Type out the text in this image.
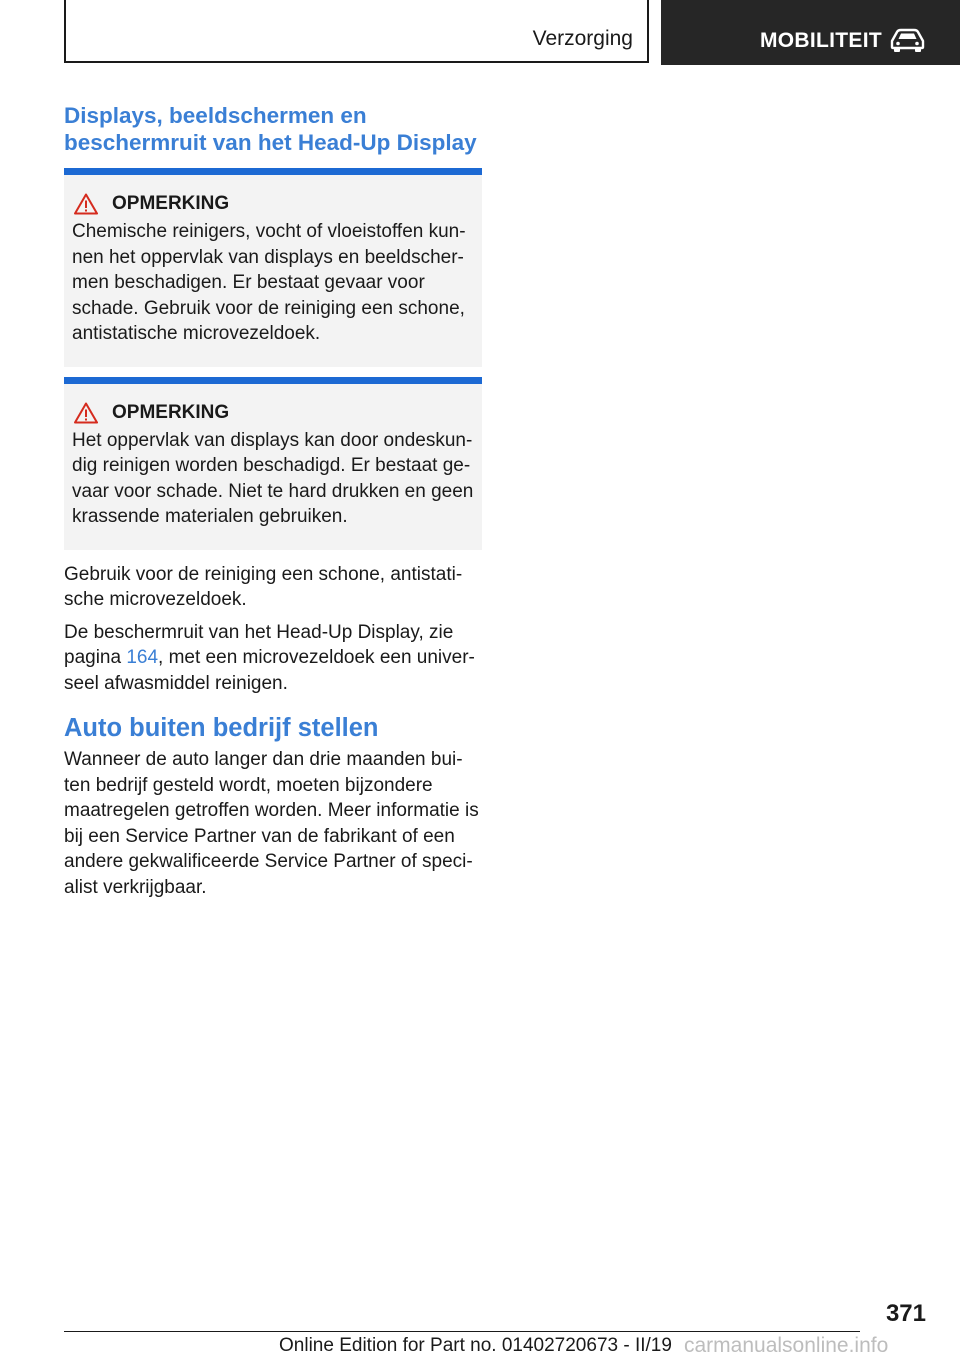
Verzorging	MOBILITEIT
Displays, beeldschermen en beschermruit van het Head-Up Display
OPMERKING

Chemische reinigers, vocht of vloeistoffen kunnen het oppervlak van displays en beeldschermen beschadigen. Er bestaat gevaar voor schade. Gebruik voor de reiniging een schone, antistatische microvezeldoek.

OPMERKING

Het oppervlak van displays kan door ondeskundig reinigen worden beschadigd. Er bestaat gevaar voor schade. Niet te hard drukken en geen krassende materialen gebruiken.

Gebruik voor de reiniging een schone, antistatische microvezeldoek.

De beschermruit van het Head-Up Display, zie pagina 164, met een microvezeldoek een universeel afwasmiddel reinigen.

Auto buiten bedrijf stellen

Wanneer de auto langer dan drie maanden buiten bedrijf gesteld wordt, moeten bijzondere maatregelen getroffen worden. Meer informatie is bij een Service Partner van de fabrikant of een andere gekwalificeerde Service Partner of specialist verkrijgbaar.

371
Online Edition for Part no. 01402720673 - II/19 carmanualsonline.info
